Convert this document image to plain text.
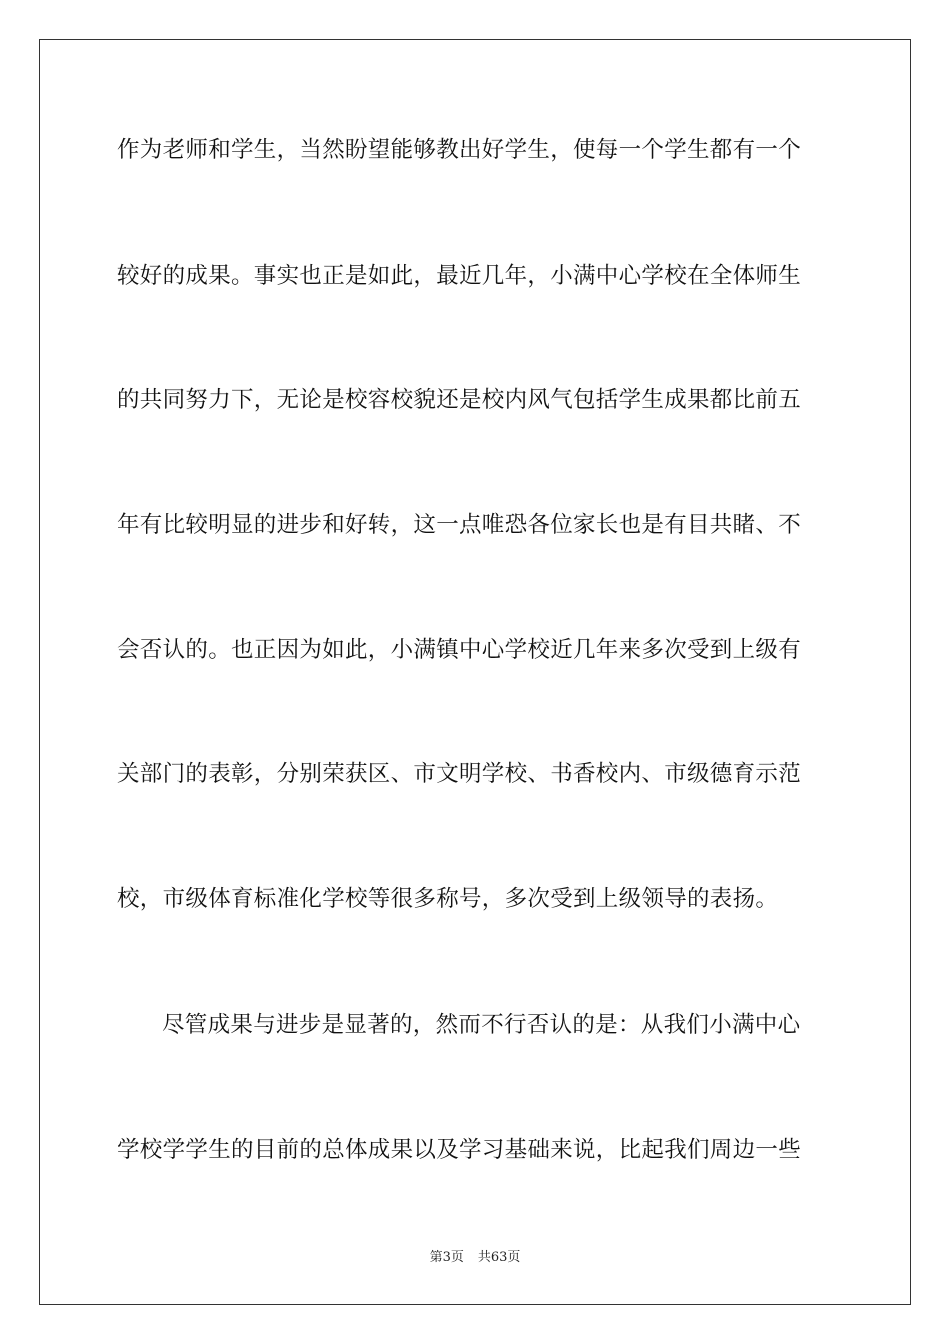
作为老师和学生，当然盼望能够教出好学生，使每一个学生都有一个
较好的成果。事实也正是如此，最近几年，小满中心学校在全体师生
的共同努力下，无论是校容校貌还是校内风气包括学生成果都比前五
年有比较明显的进步和好转，这一点唯恐各位家长也是有目共睹、不
会否认的。也正因为如此，小满镇中心学校近几年来多次受到上级有
关部门的表彰，分别荣获区、市文明学校、书香校内、市级德育示范
校，市级体育标准化学校等很多称号，多次受到上级领导的表扬。
尽管成果与进步是显著的，然而不行否认的是：从我们小满中心
学校学学生的目前的总体成果以及学习基础来说，比起我们周边一些
第3页 共63页
